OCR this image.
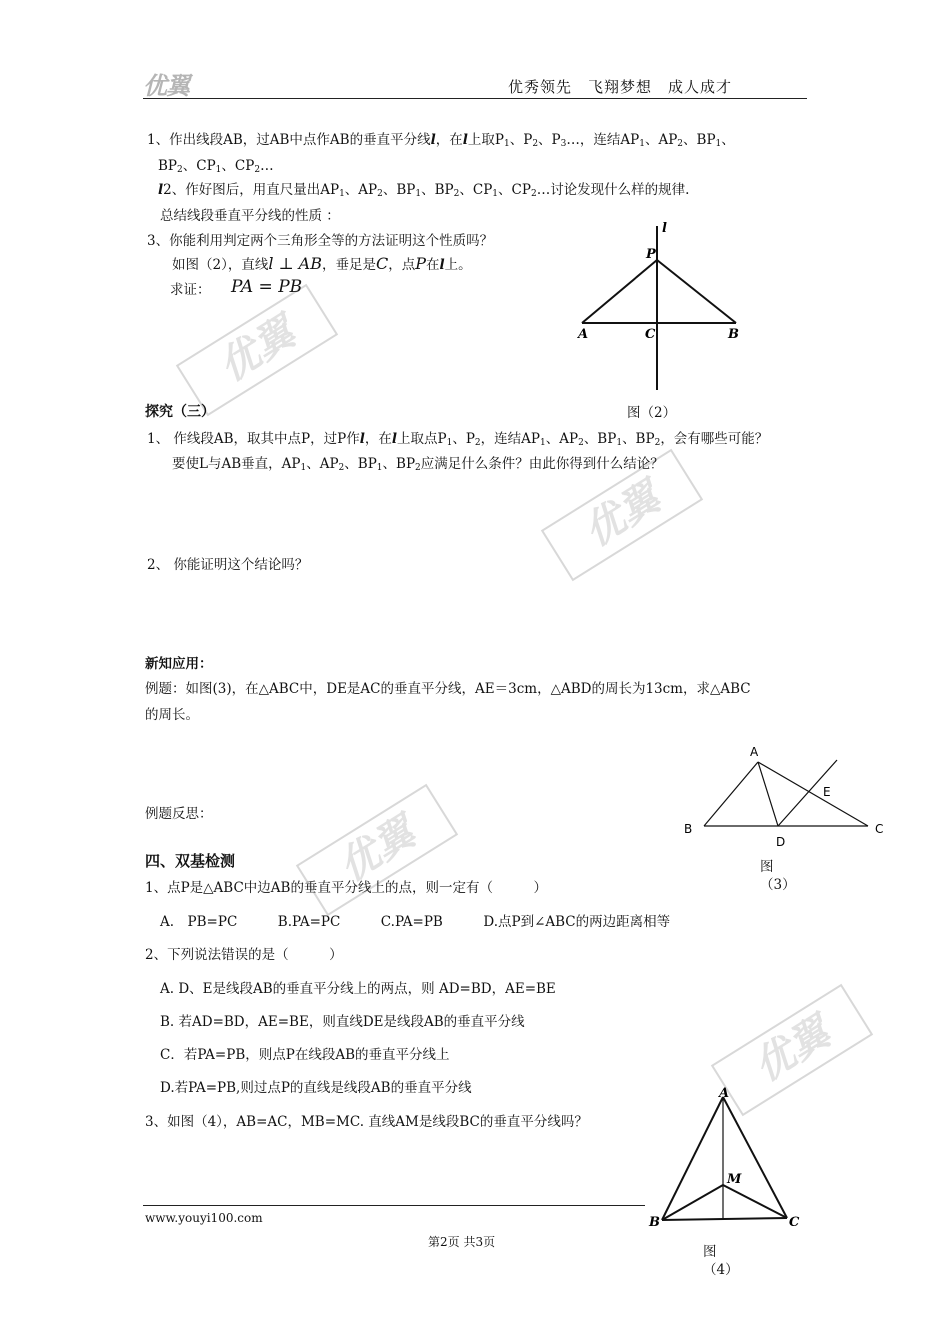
优翼	优秀领先　飞翔梦想　成人成才
优翼
优翼
优翼
优翼
1、作出线段AB，过AB中点作AB的垂直平分线l，在l上取$P_1$、$P_2$、$P_3\dots$，连结$AP_1$、$AP_2$、$BP_1$、
$BP_2$、$CP_1$、$CP_2\dots$
l2、作好图后，用直尺量出$AP_1$、$AP_2$、$BP_1$、$BP_2$、$CP_1$、$CP_2\dots$讨论发现什么样的规律.
总结线段垂直平分线的性质 ：
3、你能利用判定两个三角形全等的方法证明这个性质吗？
如图（2），直线l ⊥ AB，垂足是C，点P在l上。
求证： PA = PB
l
P
A	C	B
图（2）
探究（三）
1、 作线段AB，取其中点P，过P作l，在l上取点$P_1$、$P_2$，连结$AP_1$、$AP_2$、$BP_1$、$BP_2$，会有哪些可能？
要使L与AB垂直，$AP_1$、$AP_2$、$BP_1$、$BP_2$应满足什么条件？由此你得到什么结论？
2、 你能证明这个结论吗？
新知应用：
例题：如图(3)，在△ABC中，DE是AC的垂直平分线，AE＝3cm，△ABD的周长为13cm，求△ABC
的周长。
例题反思：
A
B	C
D
E
图
（3）
四、双基检测
1、点P是△ABC中边AB的垂直平分线上的点，则一定有（　　　）
A.　PB=PC　　　B.PA=PC　　　C.PA=PB　　　D.点P到∠ABC的两边距离相等
2、下列说法错误的是（　　　）
A. D、E是线段AB的垂直平分线上的两点，则 AD=BD，AE=BE
B. 若AD=BD，AE=BE，则直线DE是线段AB的垂直平分线
C．若PA=PB，则点P在线段AB的垂直平分线上
D.若PA=PB,则过点P的直线是线段AB的垂直平分线
3、如图（4），AB=AC，MB=MC. 直线AM是线段BC的垂直平分线吗？
A
M
B	C
图
（4）
www.youyi100.com
第2页 共3页
